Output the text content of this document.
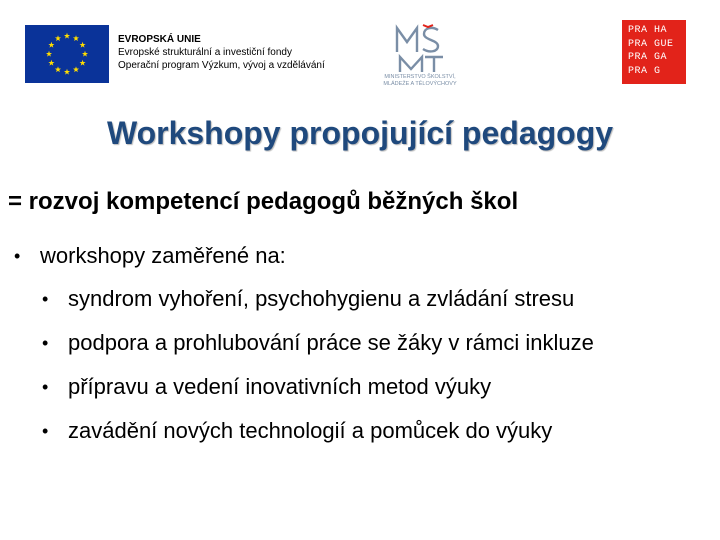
EVROPSKÁ UNIE
Evropské strukturální a investiční fondy
Operační program Výzkum, vývoj a vzdělávání
MINISTERSTVO ŠKOLSTVÍ,
MLÁDEŽE A TĚLOVÝCHOVY
PRA HA
PRA GUE
PRA GA
PRA G
Workshopy propojující pedagogy

= rozvoj kompetencí pedagogů běžných škol

• workshopy zaměřené na:
• syndrom vyhoření, psychohygienu a zvládání stresu
• podpora a prohlubování práce se žáky v rámci inkluze
• přípravu a vedení inovativních metod výuky
• zavádění nových technologií a pomůcek do výuky
